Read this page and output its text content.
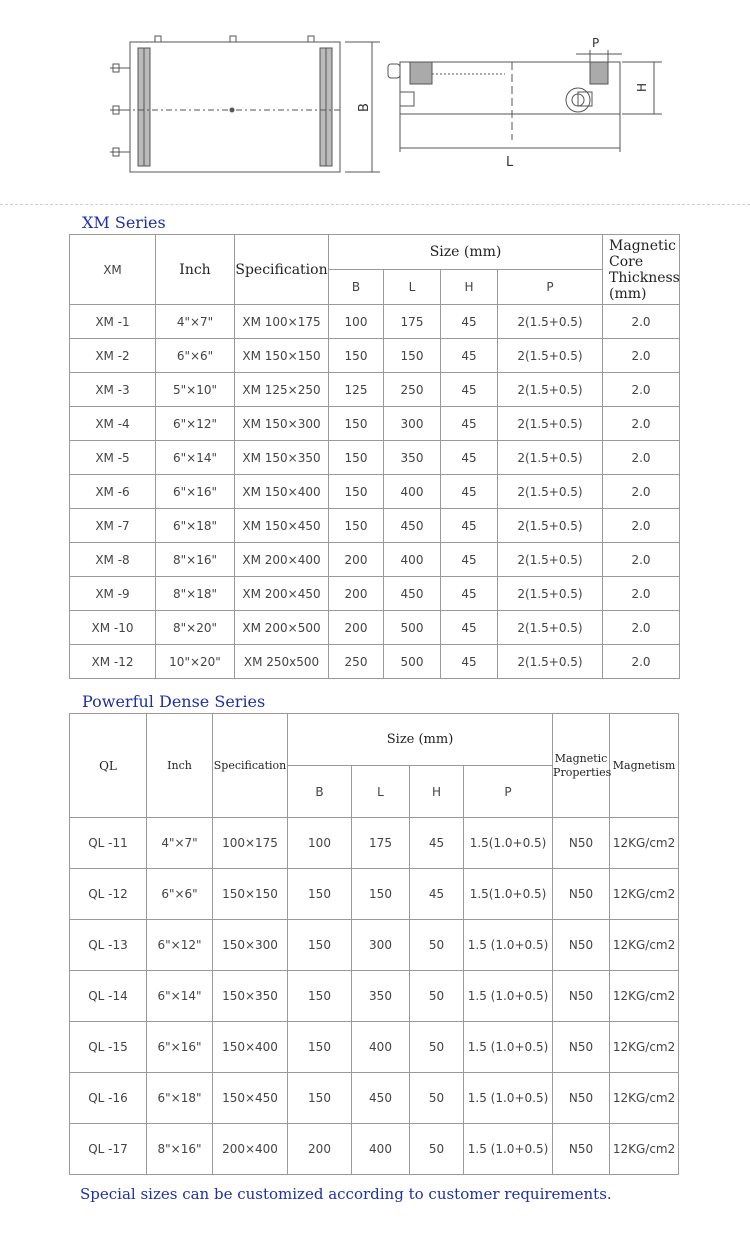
B
P
H
L
XM Series
XM	Inch	Specification	Size (mm)				Magnetic Core Thickness (mm)
			B	L	H	P	
XM -1	4"×7"	XM 100×175	100	175	45	2(1.5+0.5)	2.0
XM -2	6"×6"	XM 150×150	150	150	45	2(1.5+0.5)	2.0
XM -3	5"×10"	XM 125×250	125	250	45	2(1.5+0.5)	2.0
XM -4	6"×12"	XM 150×300	150	300	45	2(1.5+0.5)	2.0
XM -5	6"×14"	XM 150×350	150	350	45	2(1.5+0.5)	2.0
XM -6	6"×16"	XM 150×400	150	400	45	2(1.5+0.5)	2.0
XM -7	6"×18"	XM 150×450	150	450	45	2(1.5+0.5)	2.0
XM -8	8"×16"	XM 200×400	200	400	45	2(1.5+0.5)	2.0
XM -9	8"×18"	XM 200×450	200	450	45	2(1.5+0.5)	2.0
XM -10	8"×20"	XM 200×500	200	500	45	2(1.5+0.5)	2.0
XM -12	10"×20"	XM 250x500	250	500	45	2(1.5+0.5)	2.0
Powerful Dense Series
QL	Inch	Specification	Size (mm)				Magnetic Properties	Magnetism
			B	L	H	P		
QL -11	4"×7"	100×175	100	175	45	1.5(1.0+0.5)	N50	12KG/cm2
QL -12	6"×6"	150×150	150	150	45	1.5(1.0+0.5)	N50	12KG/cm2
QL -13	6"×12"	150×300	150	300	50	1.5 (1.0+0.5)	N50	12KG/cm2
QL -14	6"×14"	150×350	150	350	50	1.5 (1.0+0.5)	N50	12KG/cm2
QL -15	6"×16"	150×400	150	400	50	1.5 (1.0+0.5)	N50	12KG/cm2
QL -16	6"×18"	150×450	150	450	50	1.5 (1.0+0.5)	N50	12KG/cm2
QL -17	8"×16"	200×400	200	400	50	1.5 (1.0+0.5)	N50	12KG/cm2
Special sizes can be customized according to customer requirements.
